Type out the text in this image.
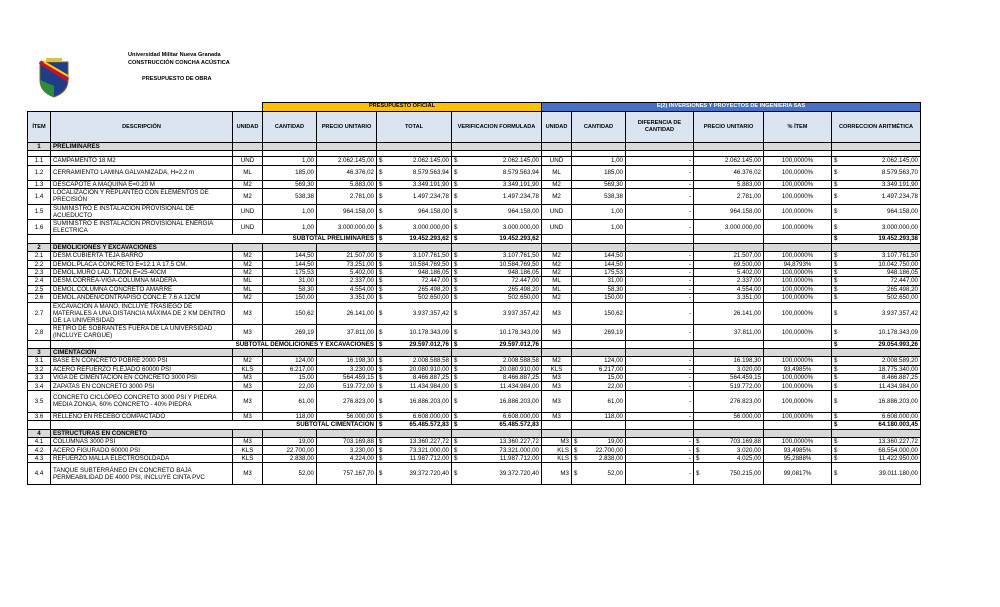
Universidad Militar Nueva Granada
CONSTRUCCIÓN CONCHA ACÚSTICA
PRESUPUESTO DE OBRA
			PRESUPUESTO OFICIAL				E(2) INVERSIONES Y PROYECTOS DE INGENIERÍA SAS					
ÍTEM	DESCRIPCIÓN	UNIDAD	CANTIDAD	PRECIO UNITARIO	TOTAL	VERIFICACION FORMULADA	UNIDAD	CANTIDAD	DIFERENCIA DE CANTIDAD	PRECIO UNITARIO	% ÍTEM	CORRECCION ARITMÉTICA
1	PRELIMINARES											

1.1	CAMPAMENTO 18 M2	UND	1,00	2.062.145,00	$ 2.062.145,00	$ 2.062.145,00	UND	1,00	-	2.062.145,00	100,0000%	$ 2.062.145,00
1.2	CERRAMIENTO LAMINA GALVANIZADA, H=2.2 m	ML	185,00	46.376,02	$ 8.579.563,94	$ 8.579.563,94	ML	185,00	-	46.376,02	100,0000%	$ 8.579.563,70
1.3	DESCAPOTE A MAQUINA E=0.20 M	M2	569,30	5.883,00	$ 3.349.191,90	$ 3.349.191,90	M2	569,30	-	5.883,00	100,0000%	$ 3.349.191,90
1.4	LOCALIZACIÓN Y REPLANTEO CON ELEMENTOS DE PRECISIÓN	M2	538,38	2.781,00	$ 1.497.234,78	$ 1.497.234,78	M2	538,38	-	2.781,00	100,0000%	$ 1.497.234,78
1.5	SUMINISTRO E INSTALACION PROVISIONAL DE ACUEDUCTO	UND	1,00	964.158,00	$ 964.158,00	$ 964.158,00	UND	1,00	-	964.158,00	100,0000%	$ 964.158,00
1.6	SUMINISTRO E INSTALACION PROVISIONAL ENERGIA ELECTRICA	UND	1,00	3.000.000,00	$ 3.000.000,00	$ 3.000.000,00	UND	1,00	-	3.000.000,00	100,0000%	$ 3.000.000,00
	SUBTOTAL PRELIMINARES				$ 19.452.293,62	$ 19.452.293,62						$ 19.452.293,38
2	DEMOLICIONES Y EXCAVACIONES											
2.1	DESM.CUBIERTA TEJA BARRO	M2	144,50	21.507,00	$ 3.107.761,50	$ 3.107.761,50	M2	144,50	-	21.507,00	100,0000%	$ 3.107.761,50
2.2	DEMOL.PLACA CONCRETO E=12.1 A 17.5 CM.	M2	144,50	73.251,00	$ 10.584.769,50	$ 10.584.769,50	M2	144,50	-	69.500,00	94,8793%	$ 10.042.750,00
2.3	DEMOL.MURO LAD. TIZON E=25-40CM	M2	175,53	5.402,00	$ 948.186,05	$ 948.186,05	M2	175,53	-	5.402,00	100,0000%	$ 948.186,05
2.4	DESM.CORREA-VIGA-COLUMNA MADERA	ML	31,00	2.337,00	$ 72.447,00	$ 72.447,00	ML	31,00	-	2.337,00	100,0000%	$ 72.447,00
2.5	DEMOL.COLUMNA CONCRETO AMARRE	ML	58,30	4.554,00	$ 265.498,20	$ 265.498,20	ML	58,30	-	4.554,00	100,0000%	$ 265.498,20
2.6	DEMOL.ANDEN/CONTRAPISO CONC.E 7.6 A 12CM	M2	150,00	3.351,00	$ 502.650,00	$ 502.650,00	M2	150,00	-	3.351,00	100,0000%	$ 502.650,00
2.7	EXCAVACION A MANO, INCLUYE TRASIEGO DE MATERIALES A UNA DISTANCIA MÁXIMA DE 2 KM DENTRO DE LA UNIVERSIDAD	M3	150,62	26.141,00	$ 3.937.357,42	$ 3.937.357,42	M3	150,62	-	26.141,00	100,0000%	$ 3.937.357,42
2.8	RETIRO DE SOBRANTES FUERA DE LA UNIVERSIDAD (INCLUYE CARGUE)	M3	269,19	37.811,00	$ 10.178.343,09	$ 10.178.343,09	M3	269,19	-	37.811,00	100,0000%	$ 10.178.343,09
	SUBTOTAL DEMOLICIONES Y EXCAVACIONES				$ 29.597.012,76	$ 29.597.012,76						$ 29.054.993,26
3	CIMENTACION											
3.1	BASE EN CONCRETO POBRE 2000 PSI	M2	124,00	16.198,30	$ 2.008.588,58	$ 2.008.588,58	M2	124,00	-	16.198,30	100,0000%	$ 2.008.589,20
3.2	ACERO REFUERZO FLEJADO 60000 PSI	KLS	6.217,00	3.230,00	$ 20.080.910,00	$ 20.080.910,00	KLS	6.217,00	-	3.020,00	93,4985%	$ 18.775.340,00
3.3	VIGA DE CIMENTACION EN CONCRETO 3000 PSI	M3	15,00	564.459,15	$ 8.466.887,25	$ 8.466.887,25	M3	15,00	-	564.459,15	100,0000%	$ 8.466.887,25
3.4	ZAPATAS EN CONCRETO 3000 PSI	M3	22,00	519.772,00	$ 11.434.984,00	$ 11.434.984,00	M3	22,00	-	519.772,00	100,0000%	$ 11.434.984,00
3.5	CONCRETO CICLÓPEO CONCRETO 3000 PSI Y PIEDRA MEDIA ZONGA, 60% CONCRETO - 40% PIEDRA	M3	61,00	276.823,00	$ 16.886.203,00	$ 16.886.203,00	M3	61,00	-	276.823,00	100,0000%	$ 16.886.203,00
3.6	RELLENO EN RECEBO COMPACTADO	M3	118,00	56.000,00	$ 6.608.000,00	$ 6.608.000,00	M3	118,00	-	56.000,00	100,0000%	$ 6.608.000,00
	SUBTOTAL CIMENTACION				$ 65.485.572,83	$ 65.485.572,83						$ 64.180.003,45
4	ESTRUCTURAS EN CONCRETO											
4.1	COLUMNAS 3000 PSI	M3	19,00	703.169,88	$ 13.360.227,72	$ 13.360.227,72	M3	$ 19,00	-	$ 703.169,88	100,0000%	$ 13.360.227,72
4.2	ACERO FIGURADO 60000 PSI	KLS	22.700,00	3.230,00	$ 73.321.000,00	$ 73.321.000,00	KLS	$ 22.700,00	-	$ 3.020,00	93,4985%	$ 68.554.000,00
4.3	REFUERZO MALLA ELECTROSOLDADA	KLS	2.838,00	4.224,00	$ 11.987.712,00	$ 11.987.712,00	KLS	$ 2.838,00	-	$ 4.025,00	95,2888%	$ 11.422.950,00
4.4	TANQUE SUBTERRÁNEO EN CONCRETO BAJA PERMEABILIDAD DE 4000 PSI, INCLUYE CINTA PVC	M3	52,00	757.167,70	$ 39.372.720,40	$ 39.372.720,40	M3	$ 52,00	-	$ 750.215,00	99,0817%	$ 39.011.180,00
